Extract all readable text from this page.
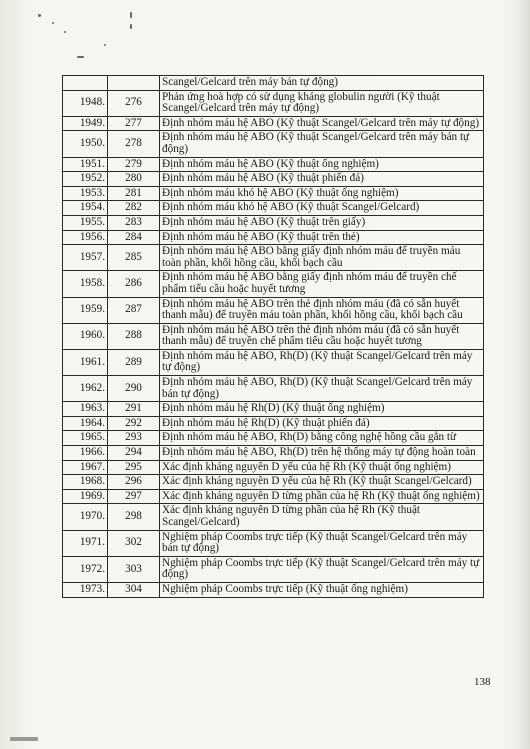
		Scangel/Gelcard trên máy bán tự động)
1948.	276	Phản ứng hoà hợp có sử dụng kháng globulin người (Kỹ thuật Scangel/Gelcard trên máy tự động)
1949.	277	Định nhóm máu hệ ABO (Kỹ thuật Scangel/Gelcard trên máy tự động)
1950.	278	Định nhóm máu hệ ABO (Kỹ thuật Scangel/Gelcard trên máy bán tự động)
1951.	279	Định nhóm máu hệ ABO (Kỹ thuật ống nghiệm)
1952.	280	Định nhóm máu hệ ABO (Kỹ thuật phiến đá)
1953.	281	Định nhóm máu khó hệ ABO (Kỹ thuật ống nghiệm)
1954.	282	Định nhóm máu khó hệ ABO (Kỹ thuật Scangel/Gelcard)
1955.	283	Định nhóm máu hệ ABO (Kỹ thuật trên giấy)
1956.	284	Định nhóm máu hệ ABO (Kỹ thuật trên thẻ)
1957.	285	Định nhóm máu hệ ABO bằng giấy định nhóm máu để truyền máu toàn phần, khối hồng cầu, khối bạch cầu
1958.	286	Định nhóm máu hệ ABO bằng giấy định nhóm máu để truyền chế phẩm tiểu cầu hoặc huyết tương
1959.	287	Định nhóm máu hệ ABO trên thẻ định nhóm máu (đã có sẵn huyết thanh mẫu) để truyền máu toàn phần, khối hồng cầu, khối bạch cầu
1960.	288	Định nhóm máu hệ ABO trên thẻ định nhóm máu (đã có sẵn huyết thanh mẫu) để truyền chế phẩm tiểu cầu hoặc huyết tương
1961.	289	Định nhóm máu hệ ABO, Rh(D) (Kỹ thuật Scangel/Gelcard trên máy tự động)
1962.	290	Định nhóm máu hệ ABO, Rh(D) (Kỹ thuật Scangel/Gelcard trên máy bán tự động)
1963.	291	Định nhóm máu hệ Rh(D) (Kỹ thuật ống nghiệm)
1964.	292	Định nhóm máu hệ Rh(D) (Kỹ thuật phiến đá)
1965.	293	Định nhóm máu hệ ABO, Rh(D) bằng công nghệ hồng cầu gắn từ
1966.	294	Định nhóm máu hệ ABO, Rh(D) trên hệ thống máy tự động hoàn toàn
1967.	295	Xác định kháng nguyên D yếu của hệ Rh (Kỹ thuật ống nghiệm)
1968.	296	Xác định kháng nguyên D yếu của hệ Rh (Kỹ thuật Scangel/Gelcard)
1969.	297	Xác định kháng nguyên D từng phần của hệ Rh (Kỹ thuật ống nghiệm)
1970.	298	Xác định kháng nguyên D từng phần của hệ Rh (Kỹ thuật Scangel/Gelcard)
1971.	302	Nghiệm pháp Coombs trực tiếp (Kỹ thuật Scangel/Gelcard trên máy bán tự động)
1972.	303	Nghiệm pháp Coombs trực tiếp (Kỹ thuật Scangel/Gelcard trên máy tự động)
1973.	304	Nghiệm pháp Coombs trực tiếp (Kỹ thuật ống nghiệm)
138
